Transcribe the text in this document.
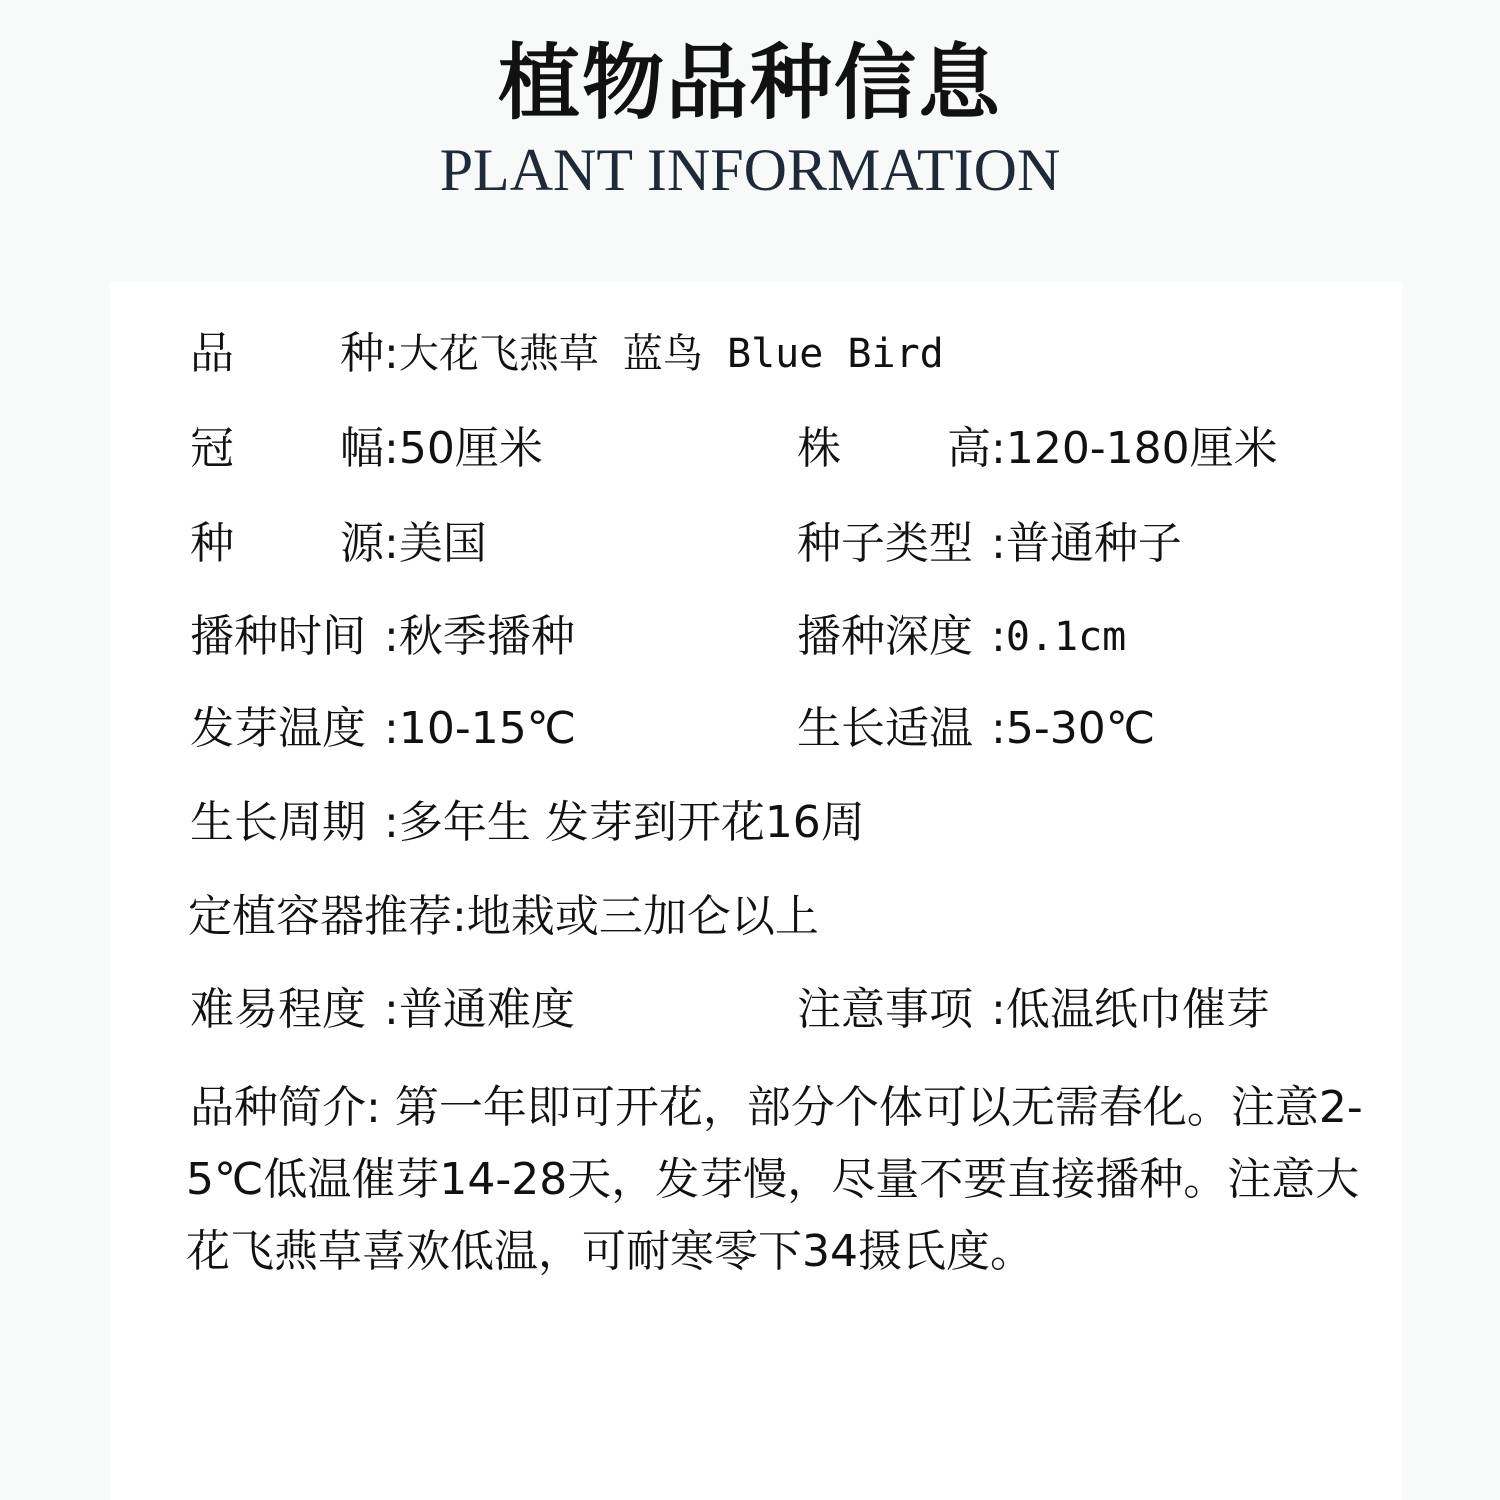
植物品种信息
PLANT INFORMATION
品 种 :大花飞燕草 蓝鸟 Blue Bird
冠 幅 :50厘米	株 高 :120-180厘米
种 源 :美国	种子类型 :普通种子
播种时间 :秋季播种	播种深度 :0.1cm
发芽温度 :10-15℃	生长适温 :5-30℃
生长周期 :多年生 发芽到开花16周
定植容器推荐:地栽或三加仑以上
难易程度 :普通难度	注意事项 :低温纸巾催芽
品种简介: 第一年即可开花，部分个体可以无需春化。注意2-5℃低温催芽14-28天，发芽慢，尽量不要直接播种。注意大花飞燕草喜欢低温，可耐寒零下34摄氏度。
